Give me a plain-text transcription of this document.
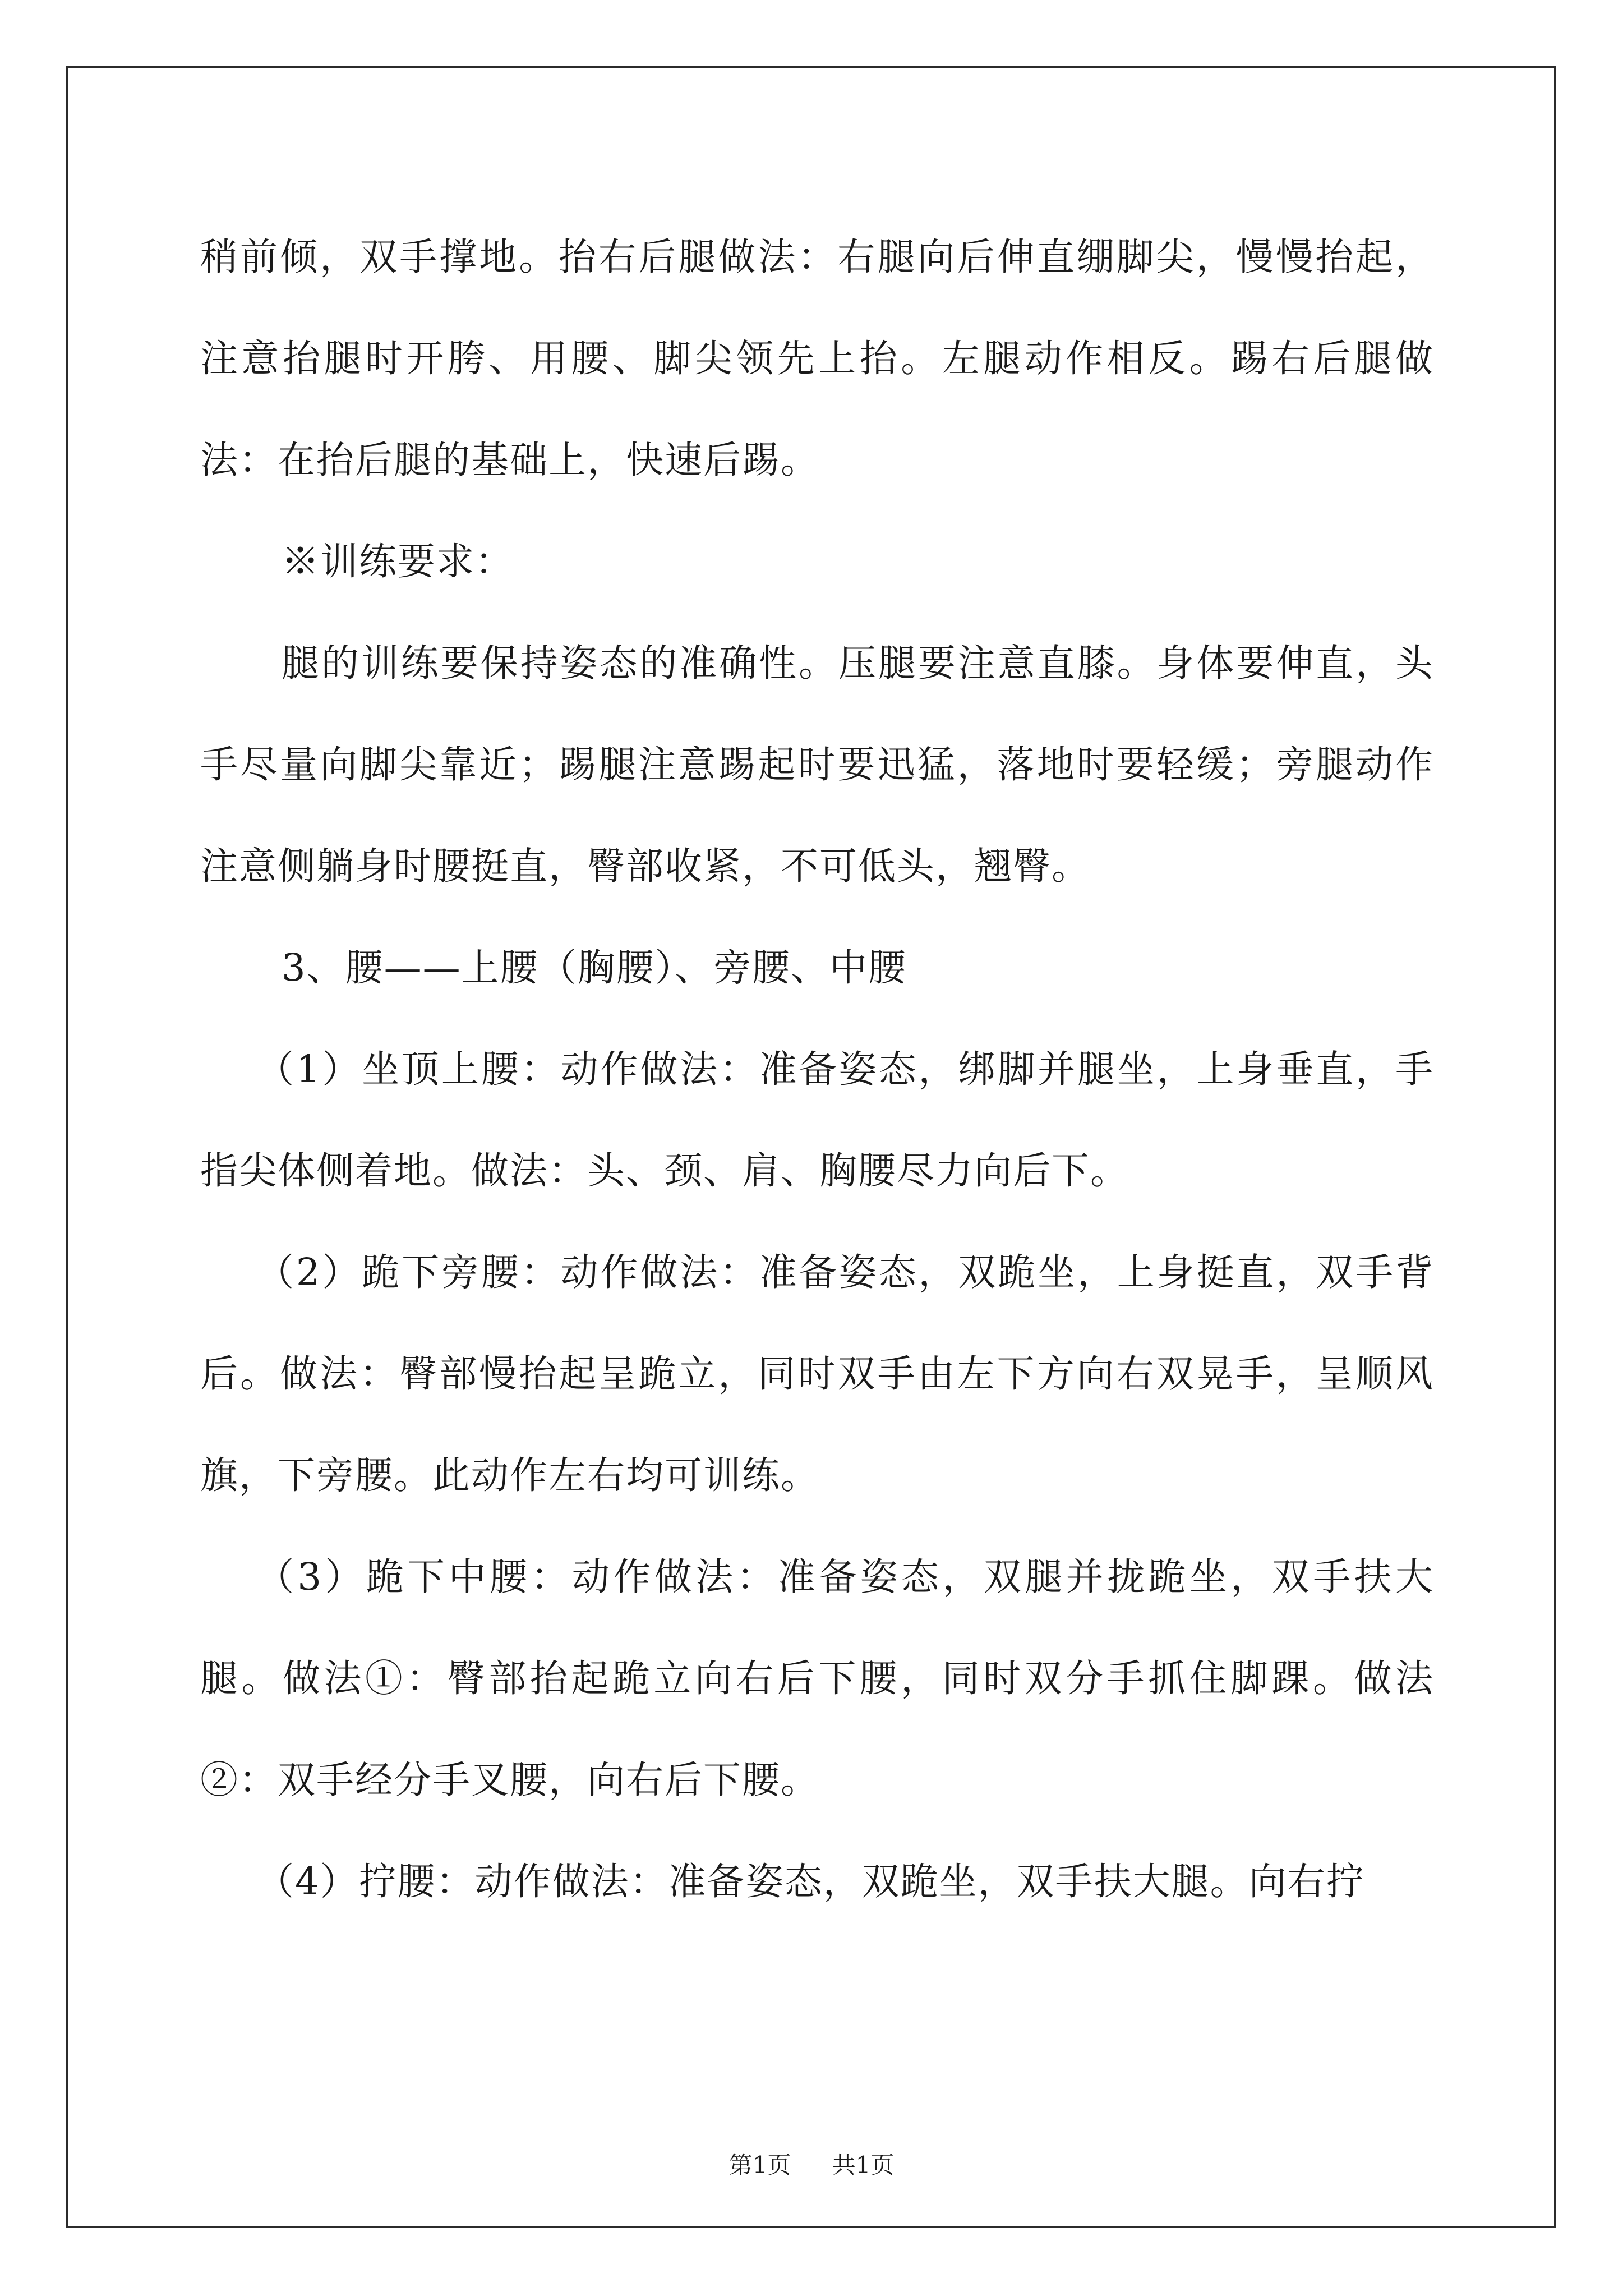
稍前倾，双手撑地。抬右后腿做法：右腿向后伸直绷脚尖，慢慢抬起，注意抬腿时开胯、用腰、脚尖领先上抬。左腿动作相反。踢右后腿做法：在抬后腿的基础上，快速后踢。

※训练要求：

腿的训练要保持姿态的准确性。压腿要注意直膝。身体要伸直，头手尽量向脚尖靠近；踢腿注意踢起时要迅猛，落地时要轻缓；旁腿动作注意侧躺身时腰挺直，臀部收紧，不可低头，翘臀。

3、腰——上腰（胸腰）、旁腰、中腰

（1）坐顶上腰：动作做法：准备姿态，绑脚并腿坐，上身垂直，手指尖体侧着地。做法：头、颈、肩、胸腰尽力向后下。

（2）跪下旁腰：动作做法：准备姿态，双跪坐，上身挺直，双手背后。做法：臀部慢抬起呈跪立，同时双手由左下方向右双晃手，呈顺风旗，下旁腰。此动作左右均可训练。

（3）跪下中腰：动作做法：准备姿态，双腿并拢跪坐，双手扶大腿。做法①：臀部抬起跪立向右后下腰，同时双分手抓住脚踝。做法②：双手经分手叉腰，向右后下腰。

（4）拧腰：动作做法：准备姿态，双跪坐，双手扶大腿。向右拧

第1页 共1页
